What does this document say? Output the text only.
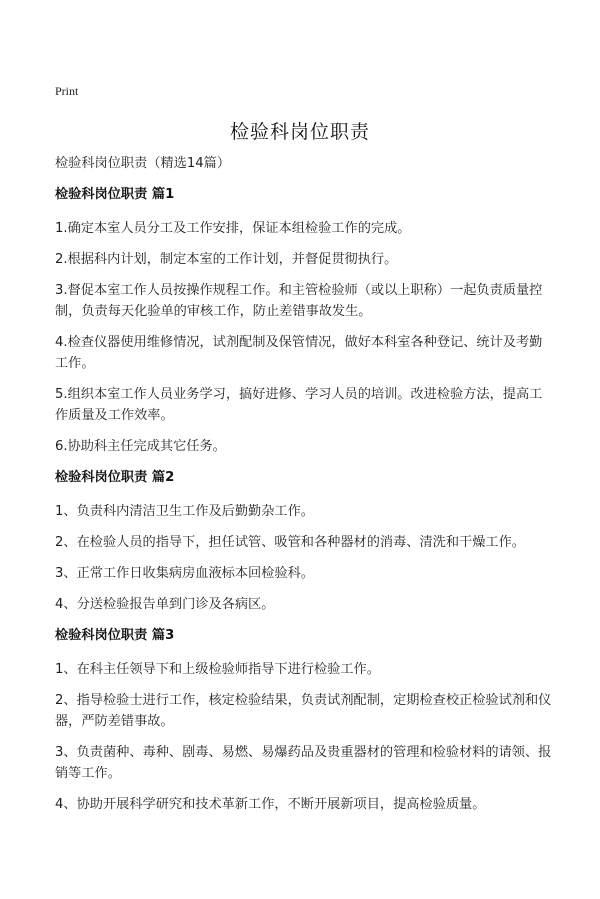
Print
检验科岗位职责
检验科岗位职责（精选14篇）
检验科岗位职责 篇1
1.确定本室人员分工及工作安排，保证本组检验工作的完成。
2.根据科内计划，制定本室的工作计划，并督促贯彻执行。
3.督促本室工作人员按操作规程工作。和主管检验师（或以上职称）一起负责质量控制，负责每天化验单的审核工作，防止差错事故发生。
4.检查仪器使用维修情况，试剂配制及保管情况，做好本科室各种登记、统计及考勤工作。
5.组织本室工作人员业务学习，搞好进修、学习人员的培训。改进检验方法，提高工作质量及工作效率。
6.协助科主任完成其它任务。
检验科岗位职责 篇2
1、负责科内清洁卫生工作及后勤勤杂工作。
2、在检验人员的指导下，担任试管、吸管和各种器材的消毒、清洗和干燥工作。
3、正常工作日收集病房血液标本回检验科。
4、分送检验报告单到门诊及各病区。
检验科岗位职责 篇3
1、在科主任领导下和上级检验师指导下进行检验工作。
2、指导检验士进行工作，核定检验结果，负责试剂配制，定期检查校正检验试剂和仪器，严防差错事故。
3、负责菌种、毒种、剧毒、易燃、易爆药品及贵重器材的管理和检验材料的请领、报销等工作。
4、协助开展科学研究和技术革新工作，不断开展新项目，提高检验质量。
